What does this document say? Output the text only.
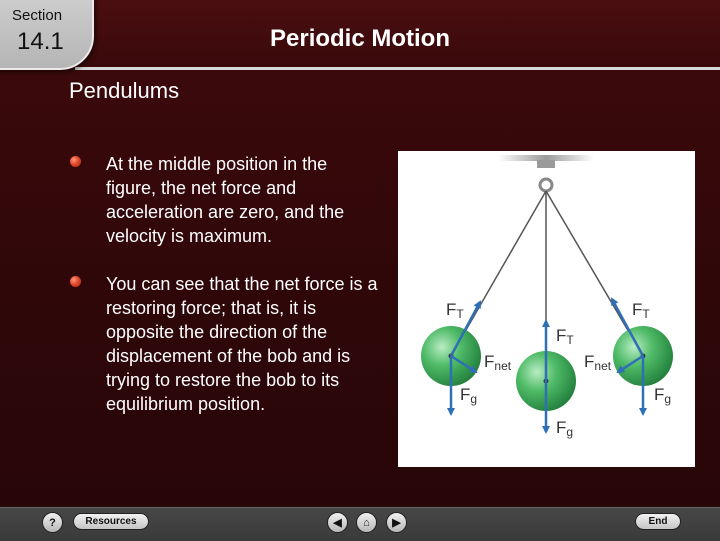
Section
14.1	Periodic Motion
Pendulums
At the middle position in the figure, the net force and acceleration are zero, and the velocity is maximum.
You can see that the net force is a restoring force; that is, it is opposite the direction of the displacement of the bob and is trying to restore the bob to its equilibrium position.
FT
FT
FT
Fnet	Fnet
Fg
Fg
Fg
?	Resources	◀	⌂	▶	End
